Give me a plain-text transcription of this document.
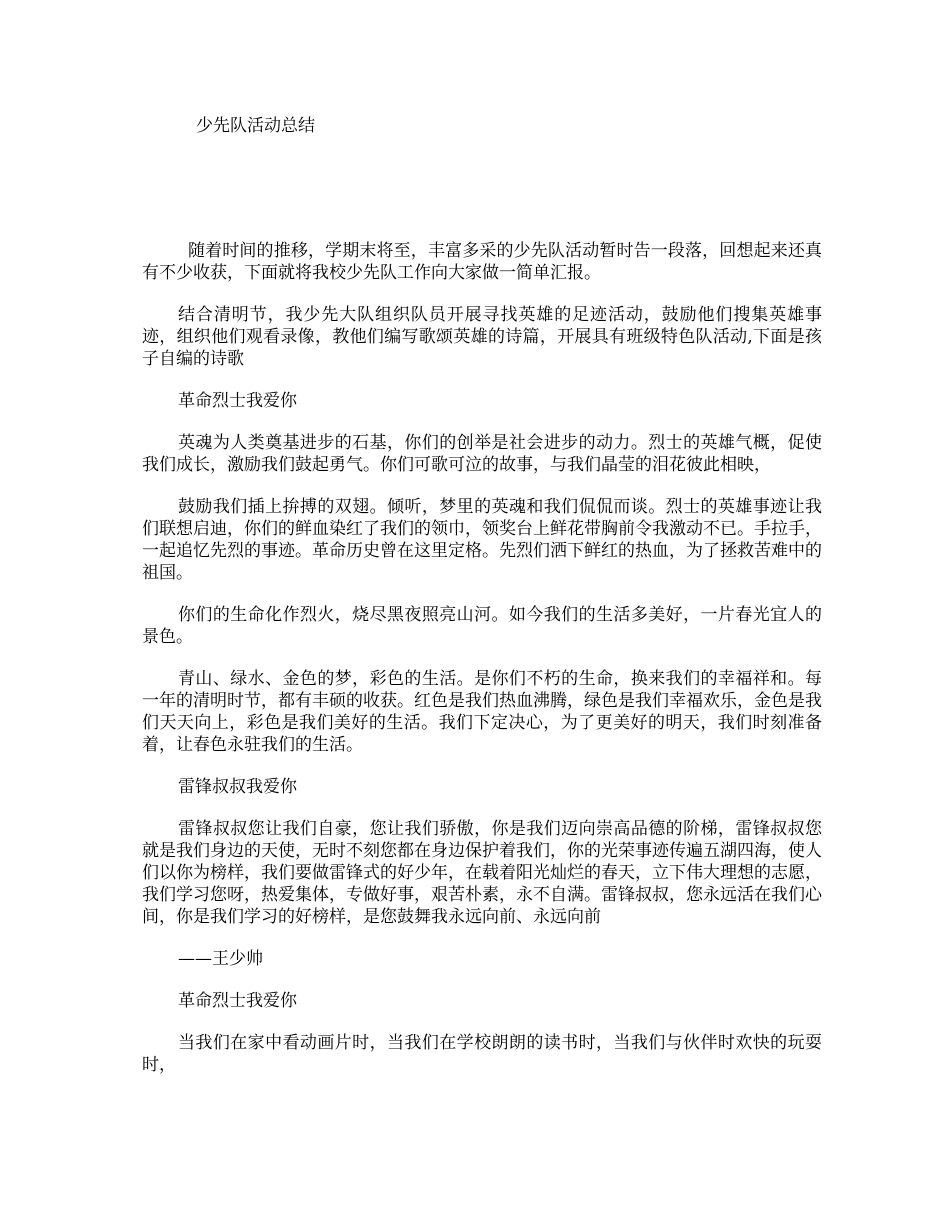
少先队活动总结

随着时间的推移，学期末将至，丰富多采的少先队活动暂时告一段落，回想起来还真有不少收获，下面就将我校少先队工作向大家做一简单汇报。

结合清明节，我少先大队组织队员开展寻找英雄的足迹活动，鼓励他们搜集英雄事迹，组织他们观看录像，教他们编写歌颂英雄的诗篇，开展具有班级特色队活动,下面是孩子自编的诗歌

革命烈士我爱你

英魂为人类奠基进步的石基，你们的创举是社会进步的动力。烈士的英雄气概，促使我们成长，激励我们鼓起勇气。你们可歌可泣的故事，与我们晶莹的泪花彼此相映，

鼓励我们插上拚搏的双翅。倾听，梦里的英魂和我们侃侃而谈。烈士的英雄事迹让我们联想启迪，你们的鲜血染红了我们的领巾，领奖台上鲜花带胸前令我激动不已。手拉手，一起追忆先烈的事迹。革命历史曾在这里定格。先烈们洒下鲜红的热血，为了拯救苦难中的祖国。

你们的生命化作烈火，烧尽黑夜照亮山河。如今我们的生活多美好，一片春光宜人的景色。

青山、绿水、金色的梦，彩色的生活。是你们不朽的生命，换来我们的幸福祥和。每一年的清明时节，都有丰硕的收获。红色是我们热血沸腾，绿色是我们幸福欢乐，金色是我们天天向上，彩色是我们美好的生活。我们下定决心，为了更美好的明天，我们时刻准备着，让春色永驻我们的生活。

雷锋叔叔我爱你

雷锋叔叔您让我们自豪，您让我们骄傲，你是我们迈向崇高品德的阶梯，雷锋叔叔您就是我们身边的天使，无时不刻您都在身边保护着我们，你的光荣事迹传遍五湖四海，使人们以你为榜样，我们要做雷锋式的好少年，在载着阳光灿烂的春天，立下伟大理想的志愿，我们学习您呀，热爱集体，专做好事，艰苦朴素，永不自满。雷锋叔叔，您永远活在我们心间，你是我们学习的好榜样，是您鼓舞我永远向前、永远向前

——王少帅

革命烈士我爱你

当我们在家中看动画片时，当我们在学校朗朗的读书时，当我们与伙伴时欢快的玩耍时，
